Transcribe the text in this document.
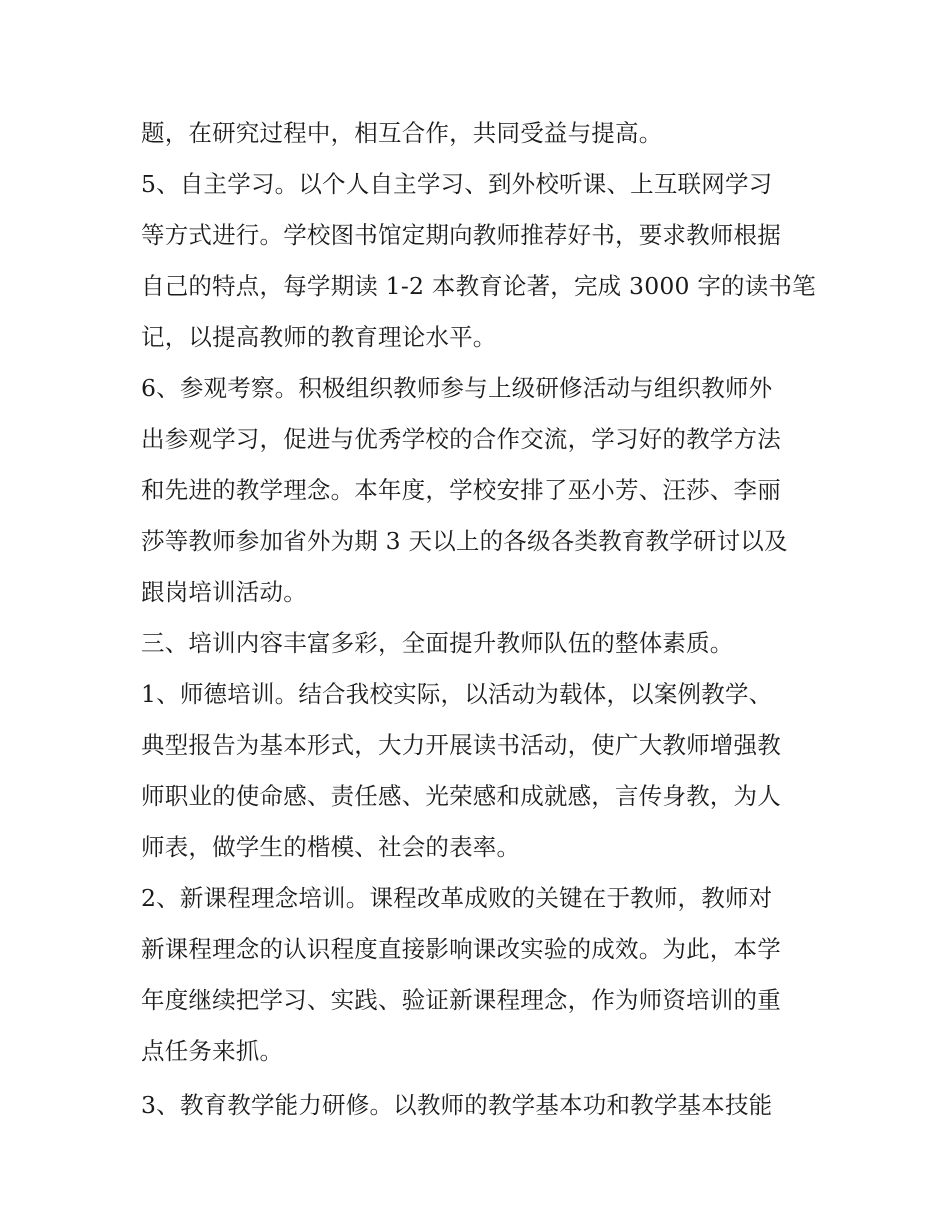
题，在研究过程中，相互合作，共同受益与提高。
5、自主学习。以个人自主学习、到外校听课、上互联网学习
等方式进行。学校图书馆定期向教师推荐好书，要求教师根据
自己的特点，每学期读 1-2 本教育论著，完成 3000 字的读书笔
记，以提高教师的教育理论水平。
6、参观考察。积极组织教师参与上级研修活动与组织教师外
出参观学习，促进与优秀学校的合作交流，学习好的教学方法
和先进的教学理念。本年度，学校安排了巫小芳、汪莎、李丽
莎等教师参加省外为期 3 天以上的各级各类教育教学研讨以及
跟岗培训活动。
三、培训内容丰富多彩，全面提升教师队伍的整体素质。
1、师德培训。结合我校实际，以活动为载体，以案例教学、
典型报告为基本形式，大力开展读书活动，使广大教师增强教
师职业的使命感、责任感、光荣感和成就感，言传身教，为人
师表，做学生的楷模、社会的表率。
2、新课程理念培训。课程改革成败的关键在于教师，教师对
新课程理念的认识程度直接影响课改实验的成效。为此，本学
年度继续把学习、实践、验证新课程理念，作为师资培训的重
点任务来抓。
3、教育教学能力研修。以教师的教学基本功和教学基本技能
